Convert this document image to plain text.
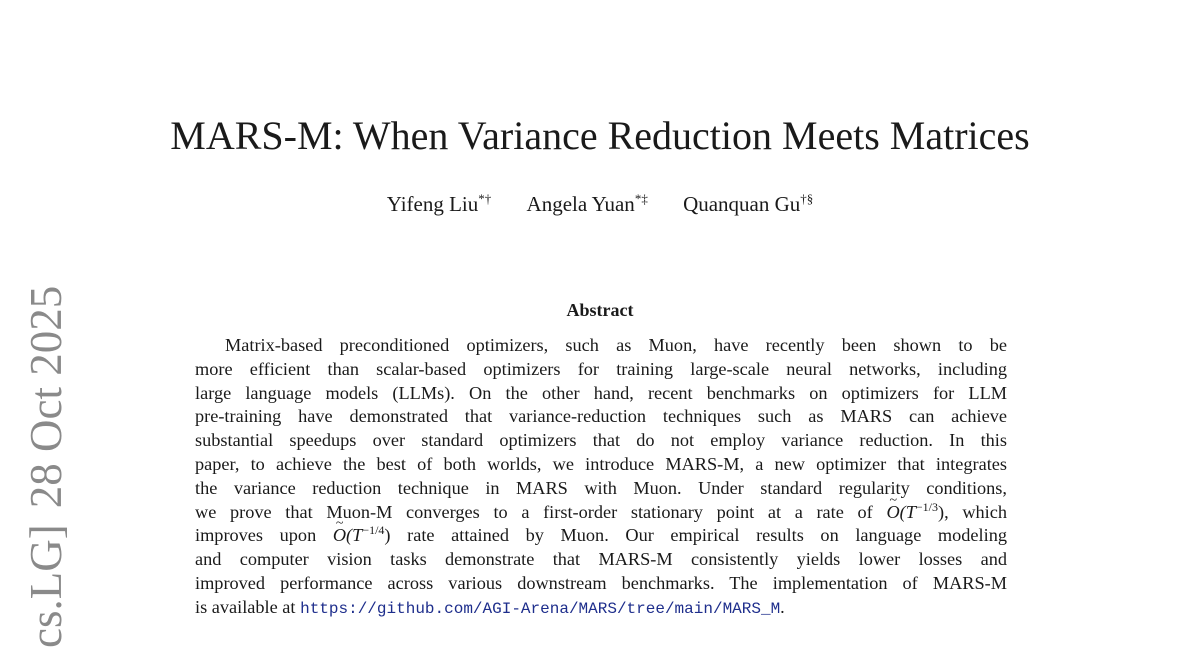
cs.LG]28 Oct 2025
MARS-M: When Variance Reduction Meets Matrices
Yifeng Liu*† Angela Yuan*‡ Quanquan Gu†§
Abstract
Matrix-based preconditioned optimizers, such as Muon, have recently been shown to be
more efficient than scalar-based optimizers for training large-scale neural networks, including
large language models (LLMs). On the other hand, recent benchmarks on optimizers for LLM
pre-training have demonstrated that variance-reduction techniques such as MARS can achieve
substantial speedups over standard optimizers that do not employ variance reduction. In this
paper, to achieve the best of both worlds, we introduce MARS-M, a new optimizer that integrates
the variance reduction technique in MARS with Muon. Under standard regularity conditions,
we prove that Muon-M converges to a first-order stationary point at a rate of ~ $O(T^{-1/3})$, which
improves upon ~ $O(T^{-1/4})$ rate attained by Muon. Our empirical results on language modeling
and computer vision tasks demonstrate that MARS-M consistently yields lower losses and
improved performance across various downstream benchmarks. The implementation of MARS-M
is available at https://github.com/AGI-Arena/MARS/tree/main/MARS_M.
